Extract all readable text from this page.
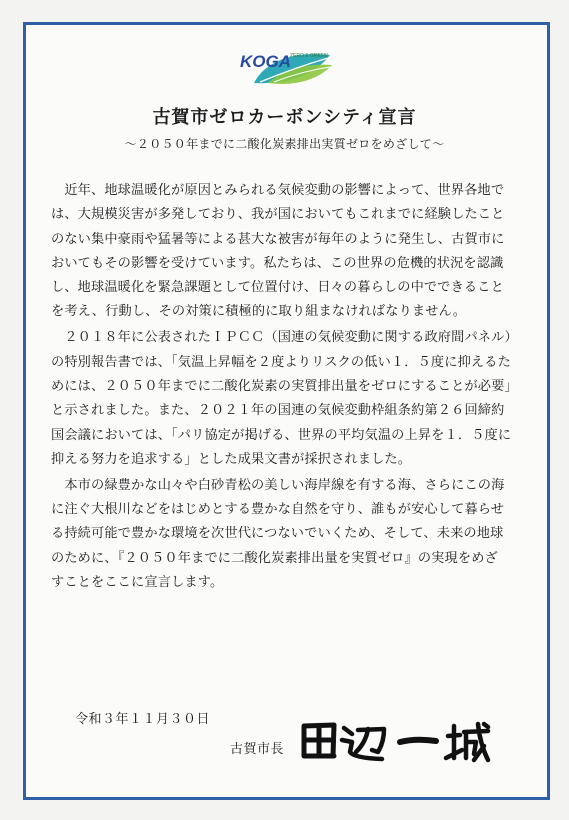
KOGA ZERO & GREEN
古賀市ゼロカーボンシティ宣言
～２０５０年までに二酸化炭素排出実質ゼロをめざして～
　近年、地球温暖化が原因とみられる気候変動の影響によって、世界各地で
は、大規模災害が多発しており、我が国においてもこれまでに経験したこと
のない集中豪雨や猛暑等による甚大な被害が毎年のように発生し、古賀市に
おいてもその影響を受けています。私たちは、この世界の危機的状況を認識
し、地球温暖化を緊急課題として位置付け、日々の暮らしの中でできること
を考え、行動し、その対策に積極的に取り組まなければなりません。
　２０１８年に公表されたＩＰＣＣ（国連の気候変動に関する政府間パネル）
の特別報告書では、「気温上昇幅を２度よりリスクの低い１．５度に抑えるた
めには、２０５０年までに二酸化炭素の実質排出量をゼロにすることが必要」
と示されました。また、２０２１年の国連の気候変動枠組条約第２６回締約
国会議においては、「パリ協定が掲げる、世界の平均気温の上昇を１．５度に
抑える努力を追求する」とした成果文書が採択されました。
　本市の緑豊かな山々や白砂青松の美しい海岸線を有する海、さらにこの海
に注ぐ大根川などをはじめとする豊かな自然を守り、誰もが安心して暮らせ
る持続可能で豊かな環境を次世代につないでいくため、そして、未来の地球
のために、『２０５０年までに二酸化炭素排出量を実質ゼロ』の実現をめざ
すことをここに宣言します。
令和３年１１月３０日
古賀市長
